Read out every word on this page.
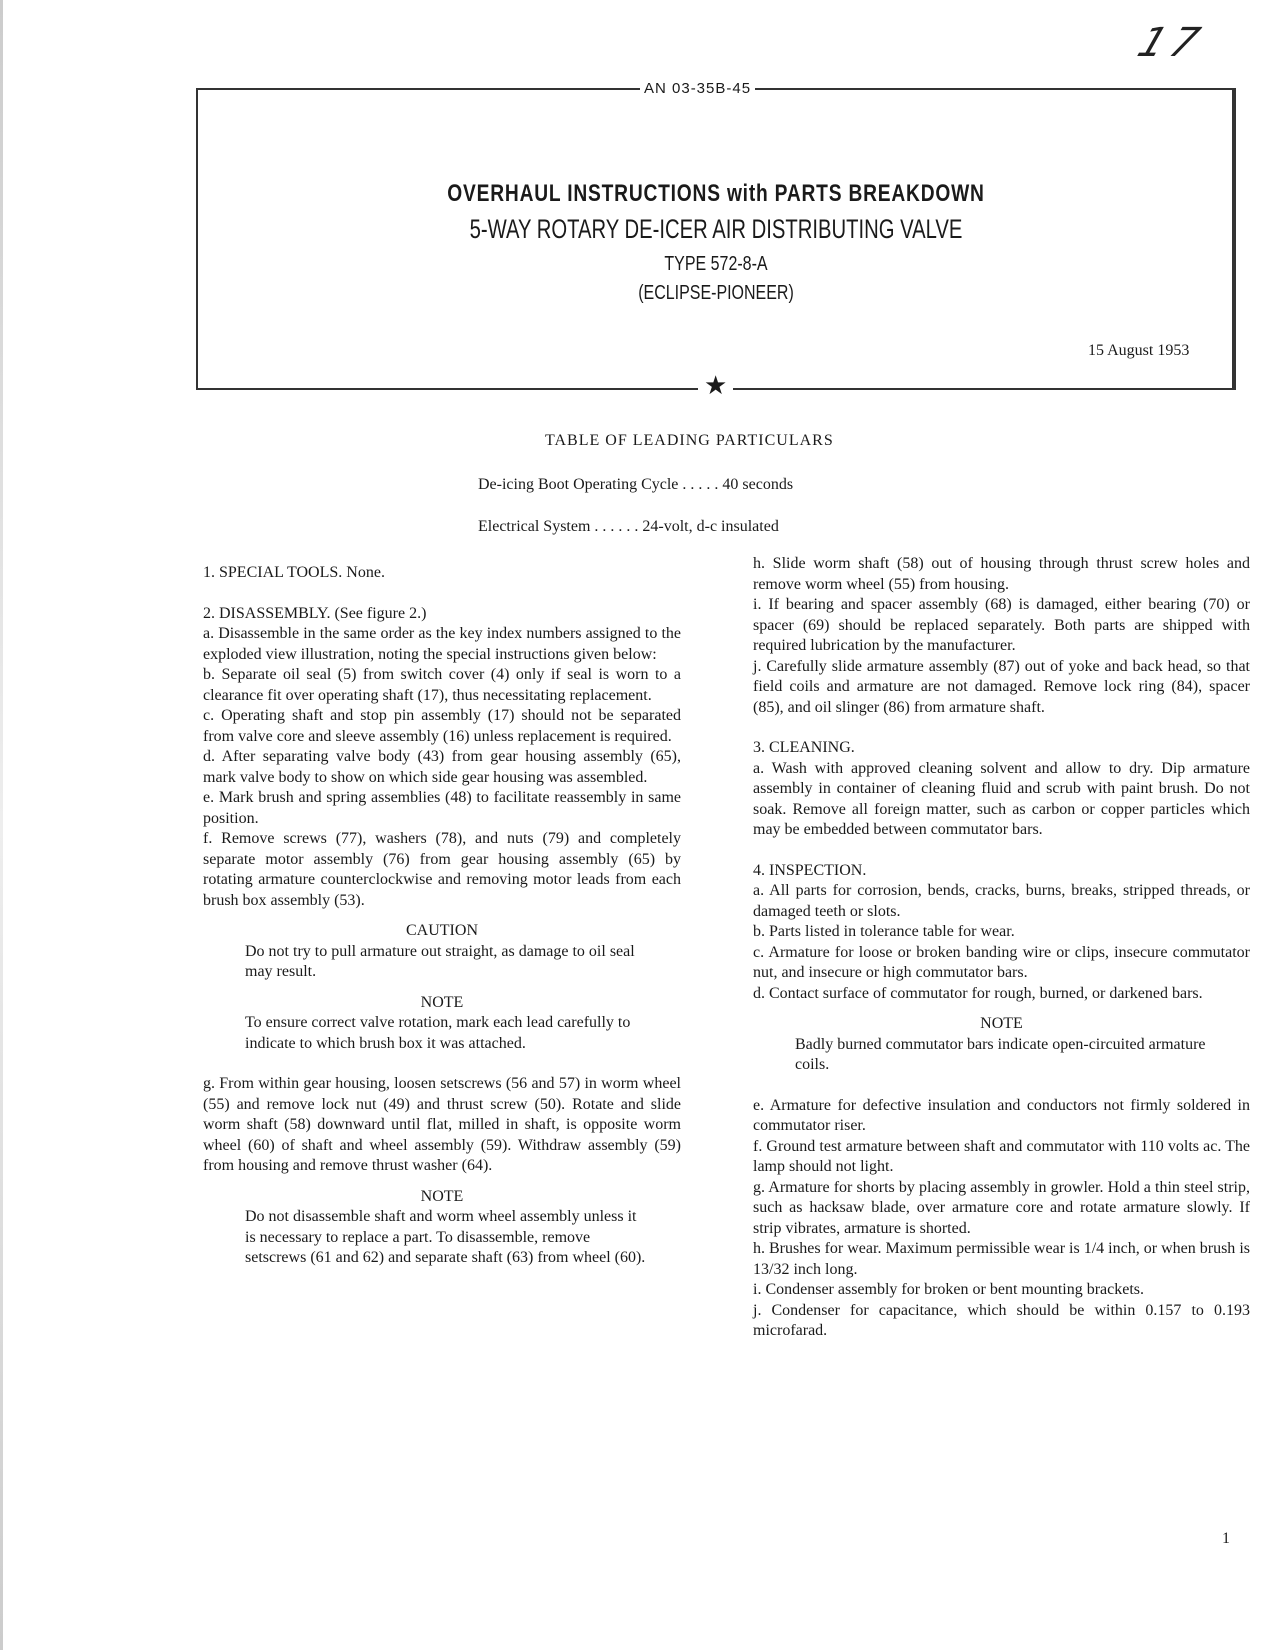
17
AN 03-35B-45
OVERHAUL INSTRUCTIONS with PARTS BREAKDOWN
5-WAY ROTARY DE-ICER AIR DISTRIBUTING VALVE
TYPE 572-8-A
(ECLIPSE-PIONEER)
15 August 1953
★
TABLE OF LEADING PARTICULARS
De-icing Boot Operating Cycle . . . . . 40 seconds
Electrical System . . . . . . 24-volt, d-c insulated

1. SPECIAL TOOLS. None.

2. DISASSEMBLY. (See figure 2.)

a. Disassemble in the same order as the key index numbers assigned to the exploded view illustration, noting the special instructions given below:

b. Separate oil seal (5) from switch cover (4) only if seal is worn to a clearance fit over operating shaft (17), thus necessitating replacement.

c. Operating shaft and stop pin assembly (17) should not be separated from valve core and sleeve assembly (16) unless replacement is required.

d. After separating valve body (43) from gear housing assembly (65), mark valve body to show on which side gear housing was assembled.

e. Mark brush and spring assemblies (48) to facilitate reassembly in same position.

f. Remove screws (77), washers (78), and nuts (79) and completely separate motor assembly (76) from gear housing assembly (65) by rotating armature counterclockwise and removing motor leads from each brush box assembly (53).

CAUTION

Do not try to pull armature out straight, as damage to oil seal may result.

NOTE

To ensure correct valve rotation, mark each lead carefully to indicate to which brush box it was attached.

g. From within gear housing, loosen setscrews (56 and 57) in worm wheel (55) and remove lock nut (49) and thrust screw (50). Rotate and slide worm shaft (58) downward until flat, milled in shaft, is opposite worm wheel (60) of shaft and wheel assembly (59). Withdraw assembly (59) from housing and remove thrust washer (64).

NOTE

Do not disassemble shaft and worm wheel assembly unless it is necessary to replace a part. To disassemble, remove setscrews (61 and 62) and separate shaft (63) from wheel (60).

h. Slide worm shaft (58) out of housing through thrust screw holes and remove worm wheel (55) from housing.

i. If bearing and spacer assembly (68) is damaged, either bearing (70) or spacer (69) should be replaced separately. Both parts are shipped with required lubrication by the manufacturer.

j. Carefully slide armature assembly (87) out of yoke and back head, so that field coils and armature are not damaged. Remove lock ring (84), spacer (85), and oil slinger (86) from armature shaft.

3. CLEANING.

a. Wash with approved cleaning solvent and allow to dry. Dip armature assembly in container of cleaning fluid and scrub with paint brush. Do not soak. Remove all foreign matter, such as carbon or copper particles which may be embedded between commutator bars.

4. INSPECTION.

a. All parts for corrosion, bends, cracks, burns, breaks, stripped threads, or damaged teeth or slots.

b. Parts listed in tolerance table for wear.

c. Armature for loose or broken banding wire or clips, insecure commutator nut, and insecure or high commutator bars.

d. Contact surface of commutator for rough, burned, or darkened bars.

NOTE

Badly burned commutator bars indicate open-circuited armature coils.

e. Armature for defective insulation and conductors not firmly soldered in commutator riser.

f. Ground test armature between shaft and commutator with 110 volts ac. The lamp should not light.

g. Armature for shorts by placing assembly in growler. Hold a thin steel strip, such as hacksaw blade, over armature core and rotate armature slowly. If strip vibrates, armature is shorted.

h. Brushes for wear. Maximum permissible wear is 1/4 inch, or when brush is 13/32 inch long.

i. Condenser assembly for broken or bent mounting brackets.

j. Condenser for capacitance, which should be within 0.157 to 0.193 microfarad.

1
